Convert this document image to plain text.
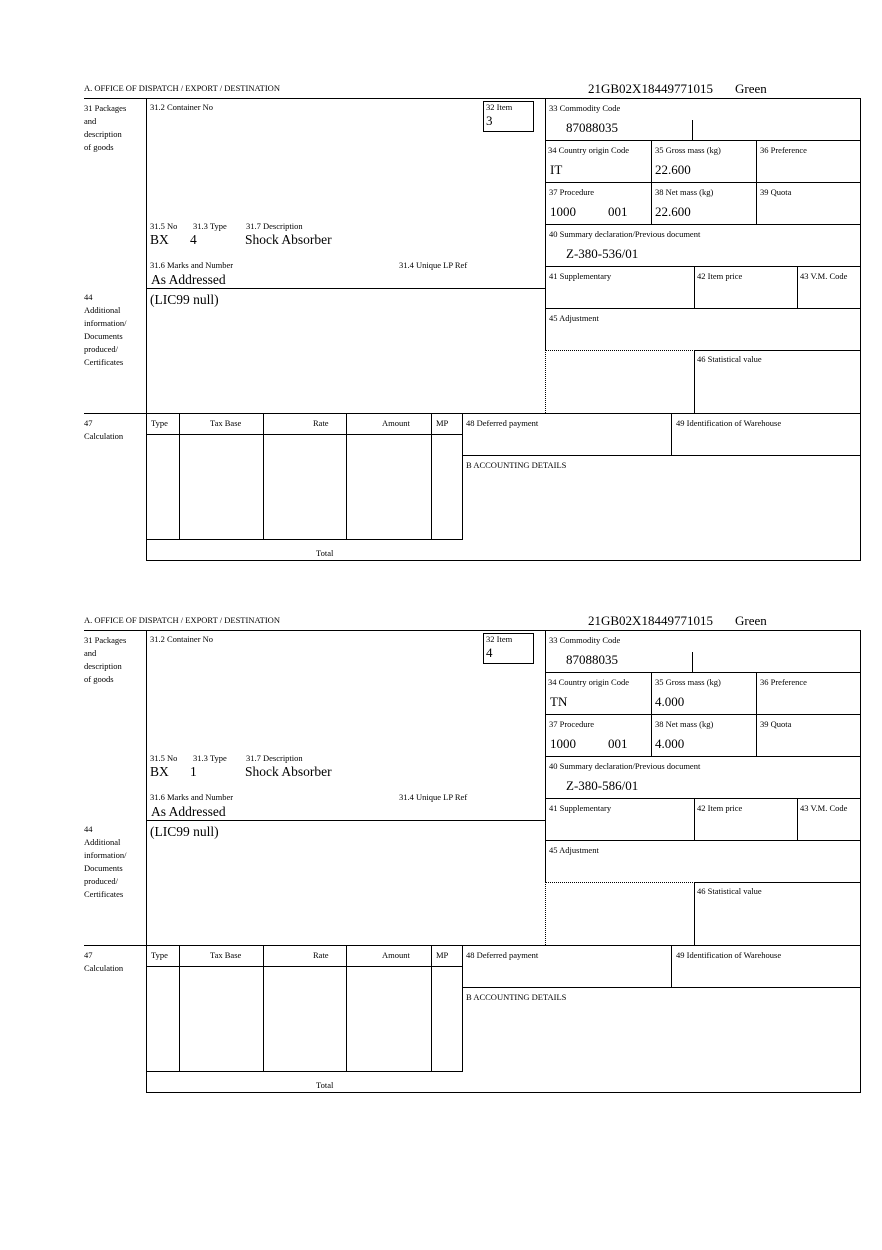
A. OFFICE OF DISPATCH / EXPORT / DESTINATION	21GB02X18449771015 Green
31 Packages
and
description
of goods
44
Additional
information/
Documents
produced/
Certificates
47
Calculation
31.2 Container No	32 Item
3
31.5 No 31.3 Type 31.7 Description
BX 4	Shock Absorber
31.6 Marks and Number	31.4 Unique LP Ref
As Addressed
(LIC99 null)
33 Commodity Code
87088035
34 Country origin Code	35 Gross mass (kg)	36 Preference
IT	22.600
37 Procedure	38 Net mass (kg)	39 Quota
1000 001 22.600
40 Summary declaration/Previous document
Z-380-536/01
41 Supplementary	42 Item price	43 V.M. Code
45 Adjustment
46 Statistical value
Type	Tax Base	Rate	Amount	MP
Total
48 Deferred payment	49 Identification of Warehouse
B ACCOUNTING DETAILS
A. OFFICE OF DISPATCH / EXPORT / DESTINATION	21GB02X18449771015 Green
31 Packages
and
description
of goods
44
Additional
information/
Documents
produced/
Certificates
47
Calculation
31.2 Container No	32 Item
4
31.5 No 31.3 Type 31.7 Description
BX 1	Shock Absorber
31.6 Marks and Number	31.4 Unique LP Ref
As Addressed
(LIC99 null)
33 Commodity Code
87088035
34 Country origin Code	35 Gross mass (kg)	36 Preference
TN	4.000
37 Procedure	38 Net mass (kg)	39 Quota
1000 001 4.000
40 Summary declaration/Previous document
Z-380-586/01
41 Supplementary	42 Item price	43 V.M. Code
45 Adjustment
46 Statistical value
Type	Tax Base	Rate	Amount	MP
Total
48 Deferred payment	49 Identification of Warehouse
B ACCOUNTING DETAILS
